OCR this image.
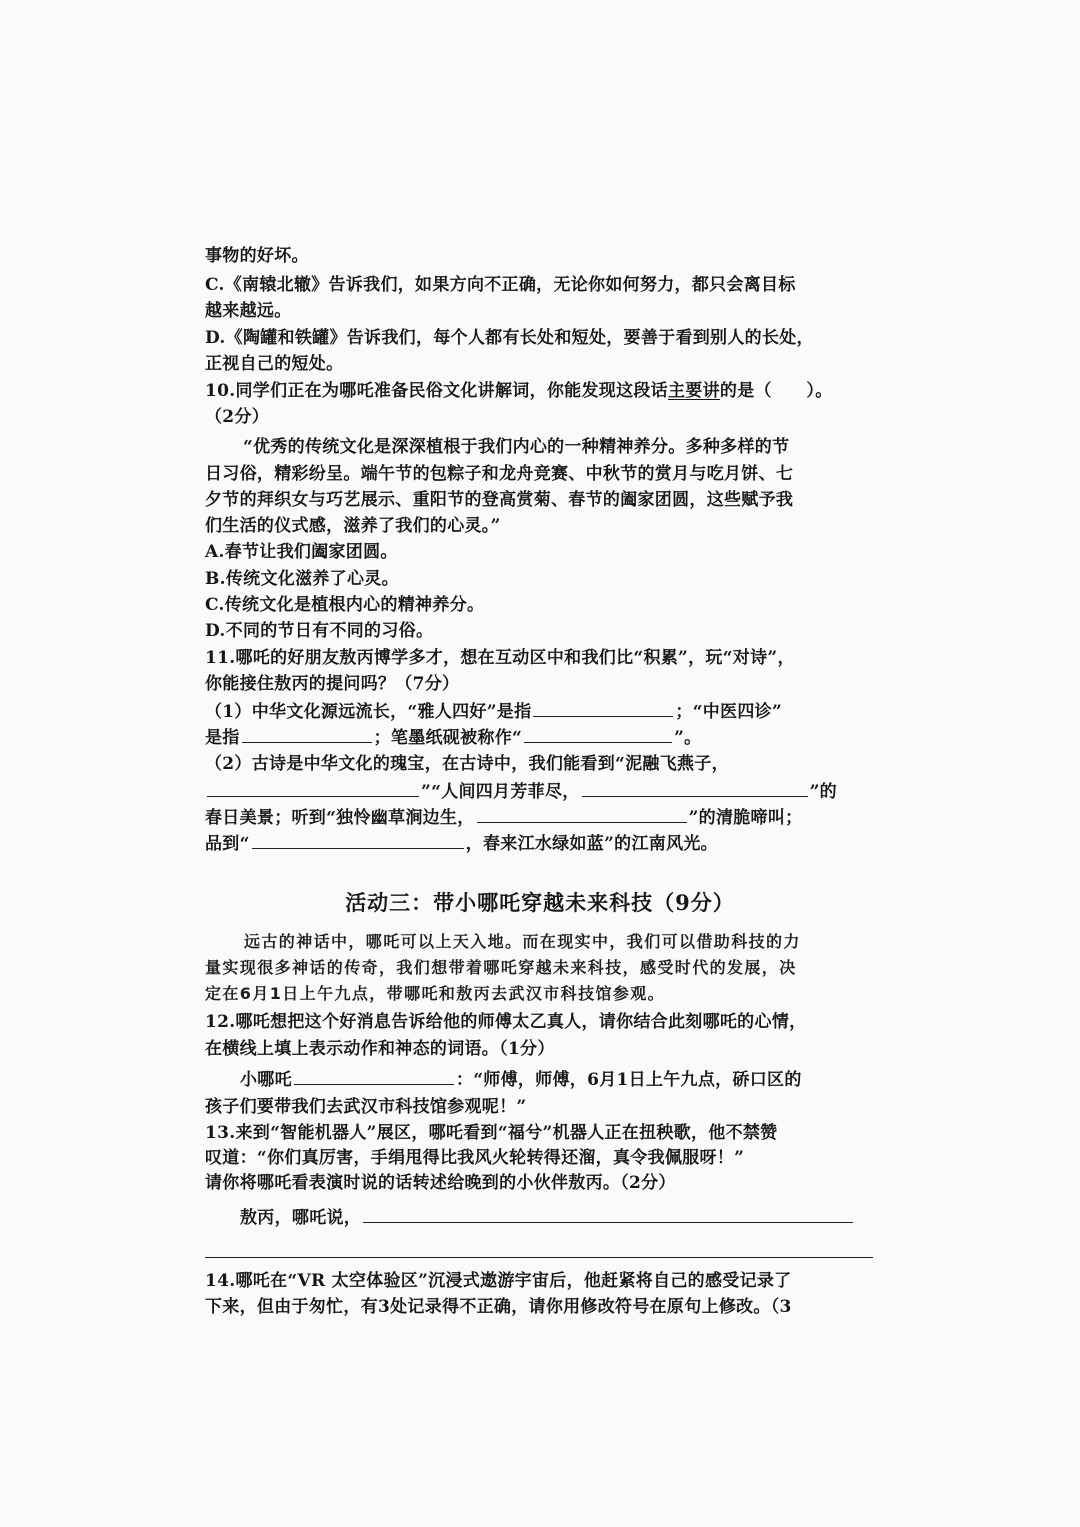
事物的好坏。
C.《南辕北辙》告诉我们，如果方向不正确，无论你如何努力，都只会离目标
越来越远。
D.《陶罐和铁罐》告诉我们，每个人都有长处和短处，要善于看到别人的长处，
正视自己的短处。
10.同学们正在为哪吒准备民俗文化讲解词，你能发现这段话主要讲的是（　　）。
（2分）
“优秀的传统文化是深深植根于我们内心的一种精神养分。多种多样的节
日习俗，精彩纷呈。端午节的包粽子和龙舟竞赛、中秋节的赏月与吃月饼、七
夕节的拜织女与巧艺展示、重阳节的登高赏菊、春节的阖家团圆，这些赋予我
们生活的仪式感，滋养了我们的心灵。”
A.春节让我们阖家团圆。
B.传统文化滋养了心灵。
C.传统文化是植根内心的精神养分。
D.不同的节日有不同的习俗。
11.哪吒的好朋友敖丙博学多才，想在互动区中和我们比“积累”，玩“对诗”，
你能接住敖丙的提问吗？（7分）
（1）中华文化源远流长，“雅人四好”是指	；“中医四诊”
是指	；笔墨纸砚被称作“	”。
（2）古诗是中华文化的瑰宝，在古诗中，我们能看到“泥融飞燕子，
”“人间四月芳菲尽，	”的
春日美景；听到“独怜幽草涧边生，	”的清脆啼叫；
品到“	，春来江水绿如蓝”的江南风光。
活动三：带小哪吒穿越未来科技（9分）
远古的神话中，哪吒可以上天入地。而在现实中，我们可以借助科技的力
量实现很多神话的传奇，我们想带着哪吒穿越未来科技，感受时代的发展，决
定在6月1日上午九点，带哪吒和敖丙去武汉市科技馆参观。
12.哪吒想把这个好消息告诉给他的师傅太乙真人，请你结合此刻哪吒的心情，
在横线上填上表示动作和神态的词语。（1分）
小哪吒	：“师傅，师傅，6月1日上午九点，硚口区的
孩子们要带我们去武汉市科技馆参观呢！”
13.来到“智能机器人”展区，哪吒看到“福兮”机器人正在扭秧歌，他不禁赞
叹道：“你们真厉害，手绢甩得比我风火轮转得还溜，真令我佩服呀！”
请你将哪吒看表演时说的话转述给晚到的小伙伴敖丙。（2分）
敖丙，哪吒说，
14.哪吒在“VR 太空体验区”沉浸式遨游宇宙后，他赶紧将自己的感受记录了
下来，但由于匆忙，有3处记录得不正确，请你用修改符号在原句上修改。（3
